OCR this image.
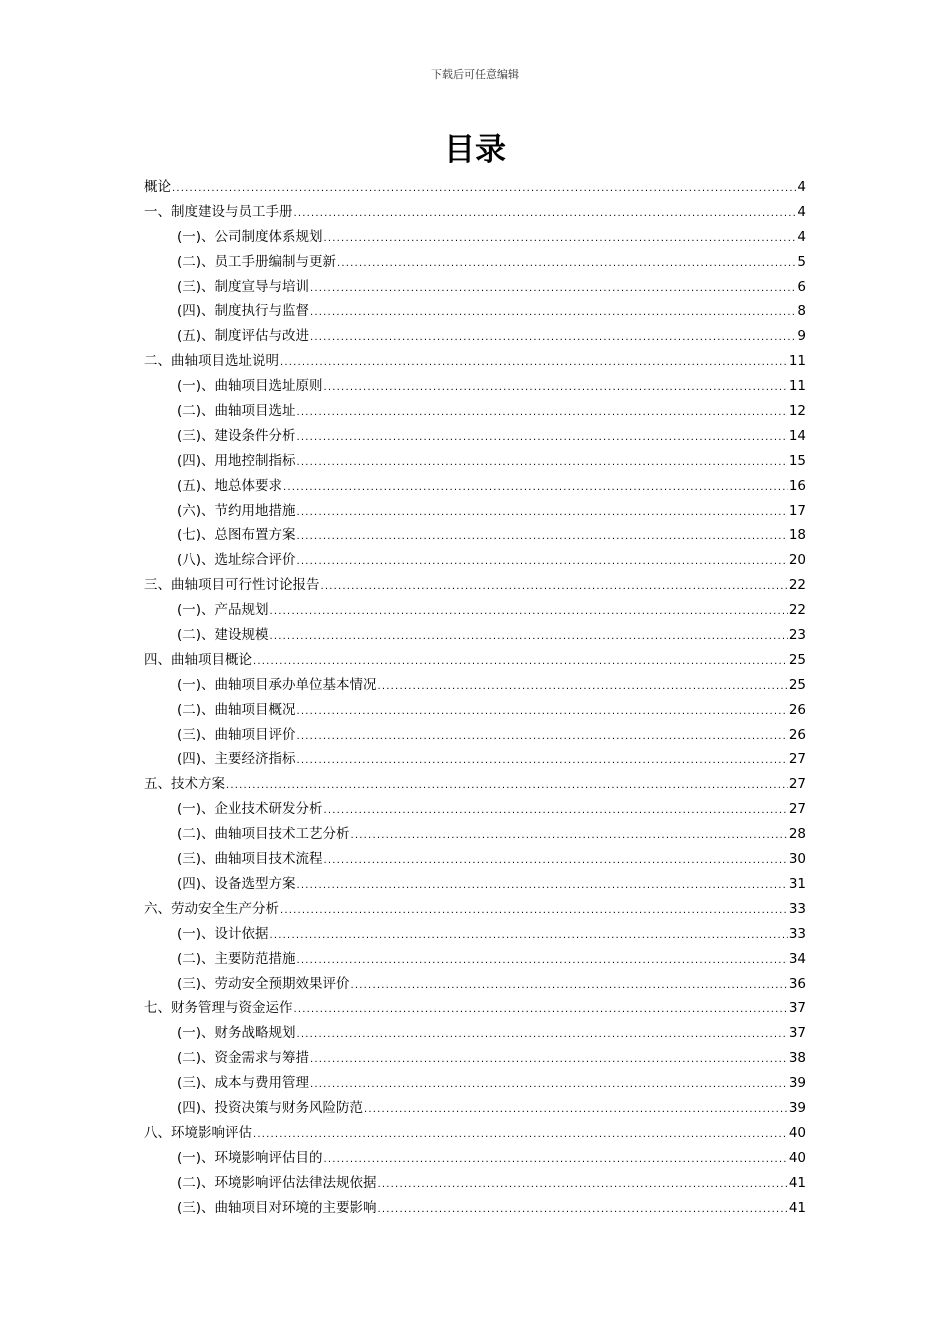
下载后可任意编辑
目录
概论 .....	4
一、制度建设与员工手册 .....	4
(一)、公司制度体系规划 .....	4
(二)、员工手册编制与更新 .....	5
(三)、制度宣导与培训 .....	6
(四)、制度执行与监督 .....	8
(五)、制度评估与改进 .....	9
二、曲轴项目选址说明 .....	11
(一)、曲轴项目选址原则 .....	11
(二)、曲轴项目选址 .....	12
(三)、建设条件分析 .....	14
(四)、用地控制指标 .....	15
(五)、地总体要求 .....	16
(六)、节约用地措施 .....	17
(七)、总图布置方案 .....	18
(八)、选址综合评价 .....	20
三、曲轴项目可行性讨论报告 .....	22
(一)、产品规划 .....	22
(二)、建设规模 .....	23
四、曲轴项目概论 .....	25
(一)、曲轴项目承办单位基本情况 .....	25
(二)、曲轴项目概况 .....	26
(三)、曲轴项目评价 .....	26
(四)、主要经济指标 .....	27
五、技术方案 .....	27
(一)、企业技术研发分析 .....	27
(二)、曲轴项目技术工艺分析 .....	28
(三)、曲轴项目技术流程 .....	30
(四)、设备选型方案 .....	31
六、劳动安全生产分析 .....	33
(一)、设计依据 .....	33
(二)、主要防范措施 .....	34
(三)、劳动安全预期效果评价 .....	36
七、财务管理与资金运作 .....	37
(一)、财务战略规划 .....	37
(二)、资金需求与筹措 .....	38
(三)、成本与费用管理 .....	39
(四)、投资决策与财务风险防范 .....	39
八、环境影响评估 .....	40
(一)、环境影响评估目的 .....	40
(二)、环境影响评估法律法规依据 .....	41
(三)、曲轴项目对环境的主要影响 .....	41
